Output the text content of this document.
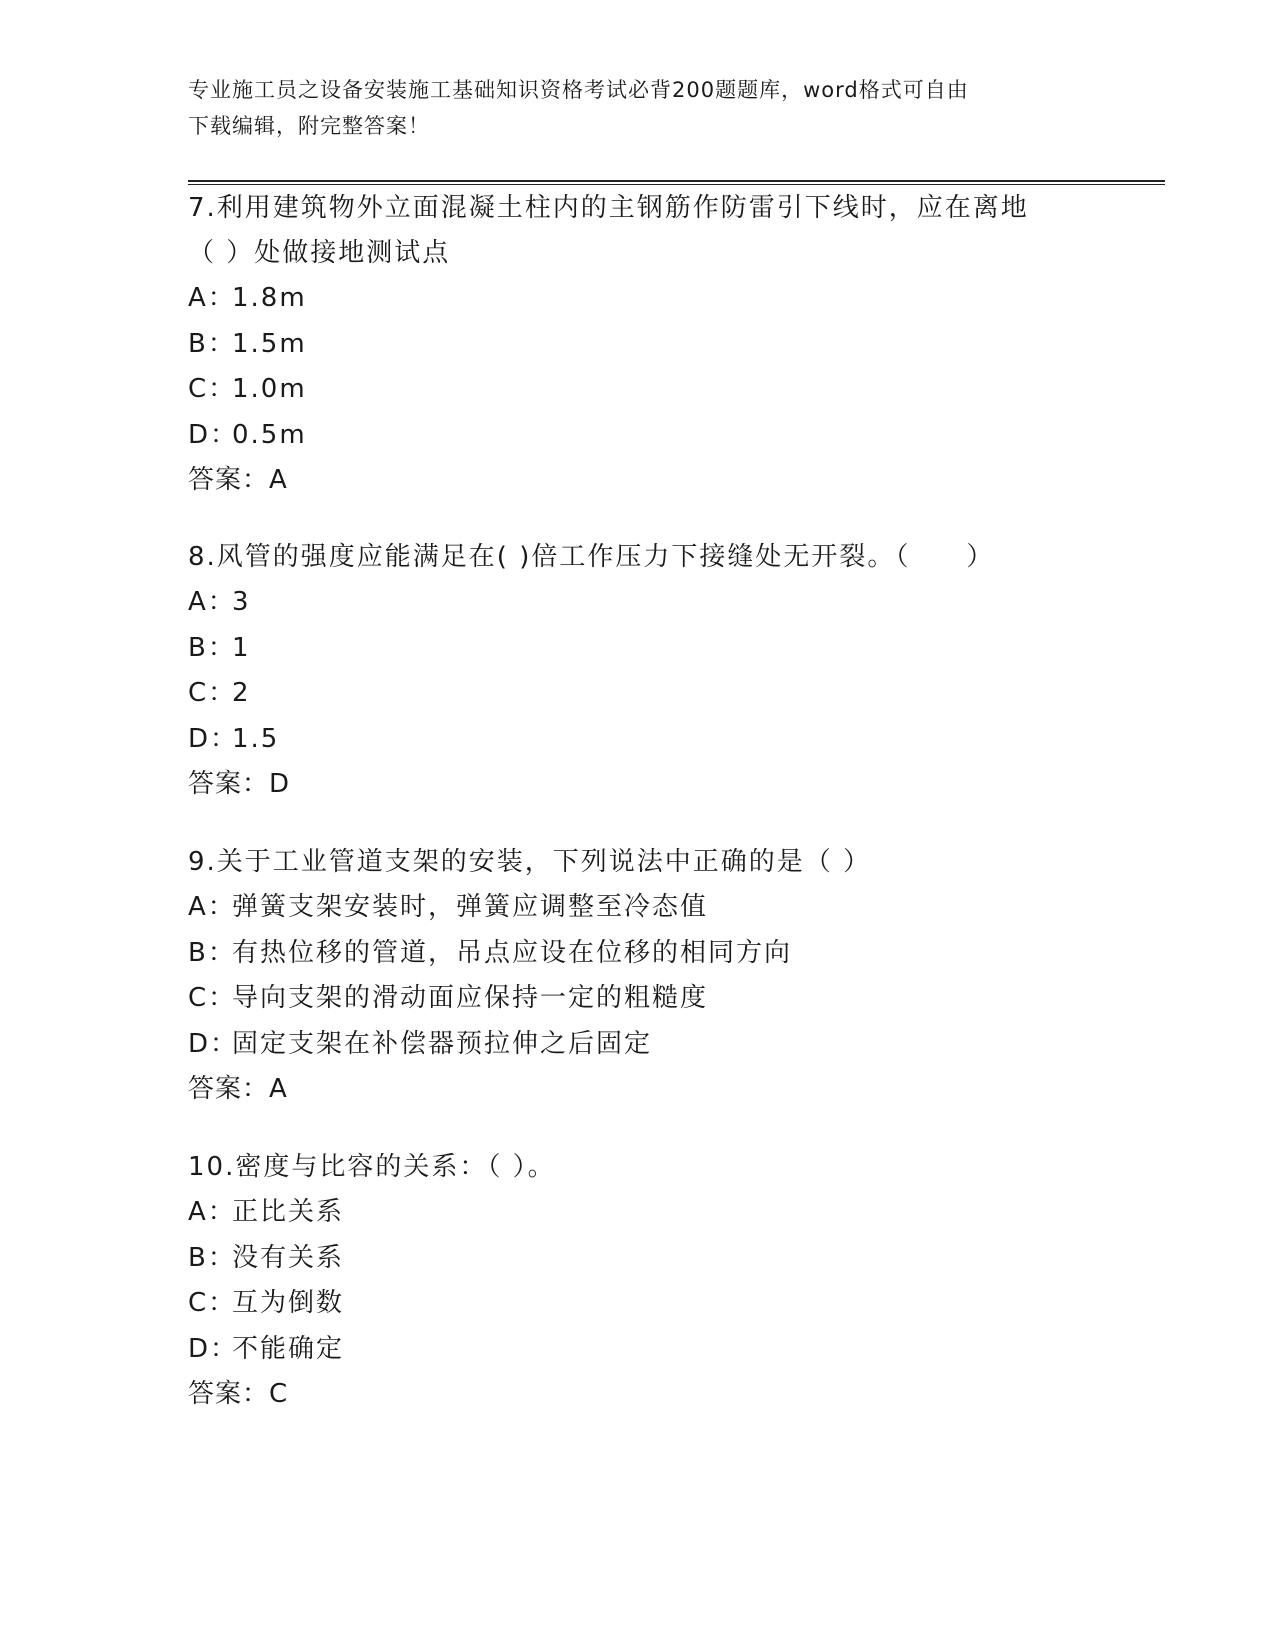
专业施工员之设备安装施工基础知识资格考试必背200题题库，word格式可自由
下载编辑，附完整答案！

7.利用建筑物外立面混凝土柱内的主钢筋作防雷引下线时，应在离地

（ ）处做接地测试点

A：1.8m

B：1.5m

C：1.0m

D：0.5m

答案：A

8.风管的强度应能满足在( )倍工作压力下接缝处无开裂。（　　）

A：3

B：1

C：2

D：1.5

答案：D

9.关于工业管道支架的安装，下列说法中正确的是（ ）

A：弹簧支架安装时，弹簧应调整至冷态值

B：有热位移的管道，吊点应设在位移的相同方向

C：导向支架的滑动面应保持一定的粗糙度

D：固定支架在补偿器预拉伸之后固定

答案：A

10.密度与比容的关系：（ ）。

A：正比关系

B：没有关系

C：互为倒数

D：不能确定

答案：C
